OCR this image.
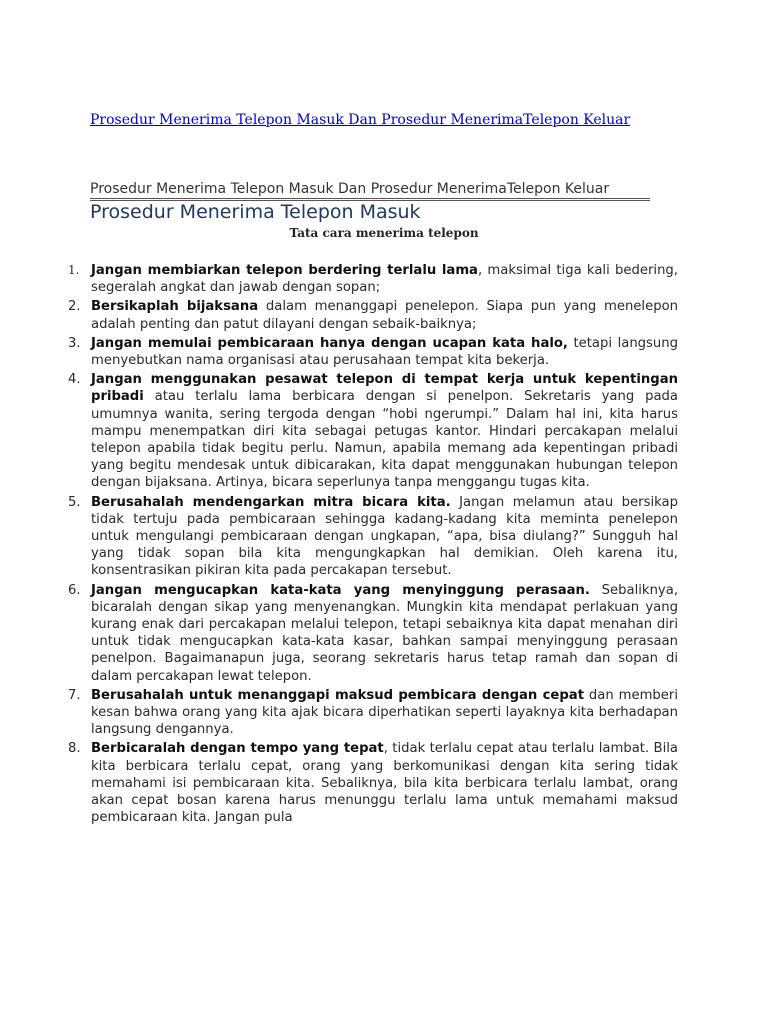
Prosedur Menerima Telepon Masuk Dan Prosedur MenerimaTelepon Keluar
Prosedur Menerima Telepon Masuk Dan Prosedur MenerimaTelepon Keluar
Prosedur Menerima Telepon Masuk
Tata cara menerima telepon
1. Jangan membiarkan telepon berdering terlalu lama, maksimal tiga kali bedering, segeralah angkat dan jawab dengan sopan;
2. Bersikaplah bijaksana dalam menanggapi penelepon. Siapa pun yang menelepon adalah penting dan patut dilayani dengan sebaik-baiknya;
3. Jangan memulai pembicaraan hanya dengan ucapan kata halo, tetapi langsung menyebutkan nama organisasi atau perusahaan tempat kita bekerja.
4. Jangan menggunakan pesawat telepon di tempat kerja untuk kepentingan pribadi atau terlalu lama berbicara dengan si penelpon. Sekretaris yang pada umumnya wanita, sering tergoda dengan “hobi ngerumpi.” Dalam hal ini, kita harus mampu menempatkan diri kita sebagai petugas kantor. Hindari percakapan melalui telepon apabila tidak begitu perlu. Namun, apabila memang ada kepentingan pribadi yang begitu mendesak untuk dibicarakan, kita dapat menggunakan hubungan telepon dengan bijaksana. Artinya, bicara seperlunya tanpa menggangu tugas kita.
5. Berusahalah mendengarkan mitra bicara kita. Jangan melamun atau bersikap tidak tertuju pada pembicaraan sehingga kadang-kadang kita meminta penelepon untuk mengulangi pembicaraan dengan ungkapan, “apa, bisa diulang?” Sungguh hal yang tidak sopan bila kita mengungkapkan hal demikian. Oleh karena itu, konsentrasikan pikiran kita pada percakapan tersebut.
6. Jangan mengucapkan kata-kata yang menyinggung perasaan. Sebaliknya, bicaralah dengan sikap yang menyenangkan. Mungkin kita mendapat perlakuan yang kurang enak dari percakapan melalui telepon, tetapi sebaiknya kita dapat menahan diri untuk tidak mengucapkan kata-kata kasar, bahkan sampai menyinggung perasaan penelpon. Bagaimanapun juga, seorang sekretaris harus tetap ramah dan sopan di dalam percakapan lewat telepon.
7. Berusahalah untuk menanggapi maksud pembicara dengan cepat dan memberi kesan bahwa orang yang kita ajak bicara diperhatikan seperti layaknya kita berhadapan langsung dengannya.
8. Berbicaralah dengan tempo yang tepat, tidak terlalu cepat atau terlalu lambat. Bila kita berbicara terlalu cepat, orang yang berkomunikasi dengan kita sering tidak memahami isi pembicaraan kita. Sebaliknya, bila kita berbicara terlalu lambat, orang akan cepat bosan karena harus menunggu terlalu lama untuk memahami maksud pembicaraan kita. Jangan pula
